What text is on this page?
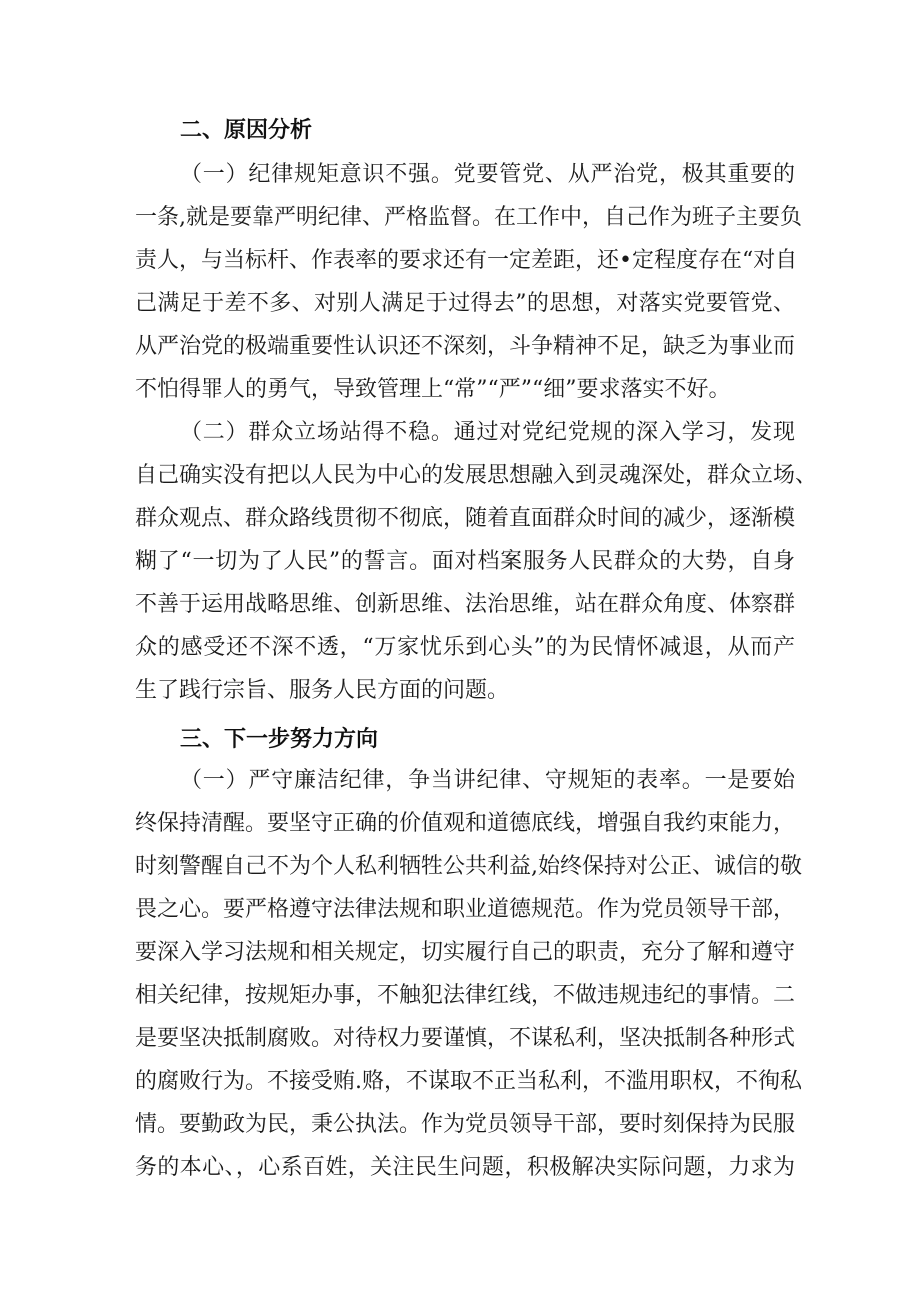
二、原因分析

（一）纪律规矩意识不强。党要管党、从严治党，极其重要的

一条,就是要靠严明纪律、严格监督。在工作中，自己作为班子主要负

责人，与当标杆、作表率的要求还有一定差距，还•定程度存在“对自

己满足于差不多、对别人满足于过得去”的思想，对落实党要管党、

从严治党的极端重要性认识还不深刻，斗争精神不足，缺乏为事业而

不怕得罪人的勇气，导致管理上“常”“严”“细”要求落实不好。

（二）群众立场站得不稳。通过对党纪党规的深入学习，发现

自己确实没有把以人民为中心的发展思想融入到灵魂深处，群众立场、

群众观点、群众路线贯彻不彻底，随着直面群众时间的减少，逐渐模

糊了“一切为了人民”的誓言。面对档案服务人民群众的大势，自身

不善于运用战略思维、创新思维、法治思维，站在群众角度、体察群

众的感受还不深不透，“万家忧乐到心头”的为民情怀减退，从而产

生了践行宗旨、服务人民方面的问题。

三、下一步努力方向

（一）严守廉洁纪律，争当讲纪律、守规矩的表率。一是要始

终保持清醒。要坚守正确的价值观和道德底线，增强自我约束能力，

时刻警醒自己不为个人私利牺牲公共利益,始终保持对公正、诚信的敬

畏之心。要严格遵守法律法规和职业道德规范。作为党员领导干部，

要深入学习法规和相关规定，切实履行自己的职责，充分了解和遵守

相关纪律，按规矩办事，不触犯法律红线，不做违规违纪的事情。二

是要坚决抵制腐败。对待权力要谨慎，不谋私利，坚决抵制各种形式

的腐败行为。不接受贿.赂，不谋取不正当私利，不滥用职权，不徇私

情。要勤政为民，秉公执法。作为党员领导干部，要时刻保持为民服

务的本心、，心系百姓，关注民生问题，积极解决实际问题，力求为
